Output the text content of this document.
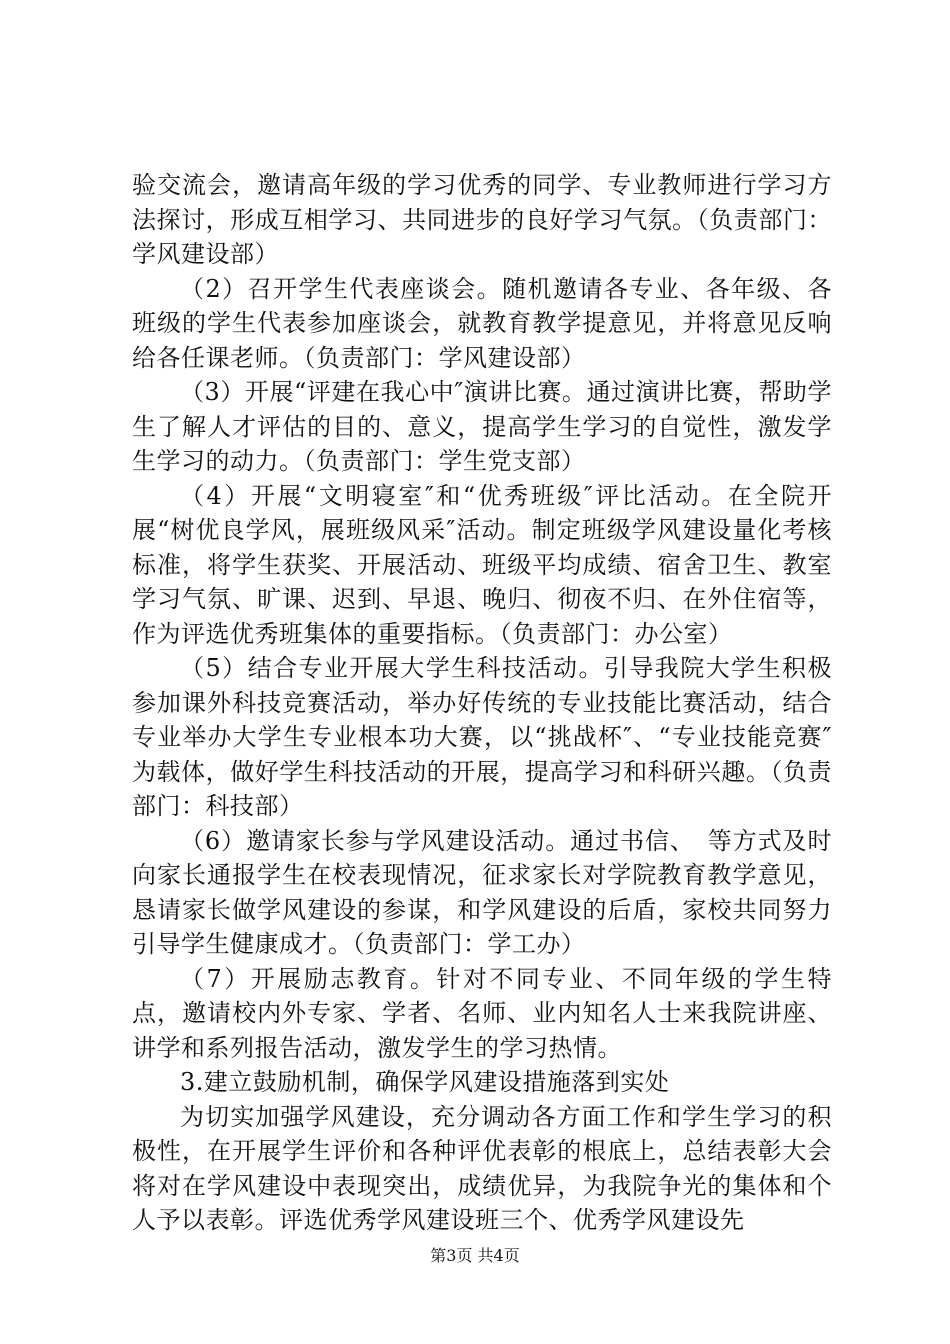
验交流会，邀请高年级的学习优秀的同学、专业教师进行学习方法探讨，形成互相学习、共同进步的良好学习气氛。（负责部门：学风建设部）

（2）召开学生代表座谈会。随机邀请各专业、各年级、各班级的学生代表参加座谈会，就教育教学提意见，并将意见反响给各任课老师。（负责部门：学风建设部）

（3）开展“评建在我心中″演讲比赛。通过演讲比赛，帮助学生了解人才评估的目的、意义，提高学生学习的自觉性，激发学生学习的动力。（负责部门：学生党支部）

（4）开展“文明寝室″和“优秀班级″评比活动。在全院开展“树优良学风，展班级风采″活动。制定班级学风建设量化考核标准，将学生获奖、开展活动、班级平均成绩、宿舍卫生、教室学习气氛、旷课、迟到、早退、晚归、彻夜不归、在外住宿等，作为评选优秀班集体的重要指标。（负责部门：办公室）

（5）结合专业开展大学生科技活动。引导我院大学生积极参加课外科技竞赛活动，举办好传统的专业技能比赛活动，结合专业举办大学生专业根本功大赛，以“挑战杯″、“专业技能竞赛″为载体，做好学生科技活动的开展，提高学习和科研兴趣。（负责部门：科技部）

（6）邀请家长参与学风建设活动。通过书信、　等方式及时向家长通报学生在校表现情况，征求家长对学院教育教学意见，恳请家长做学风建设的参谋，和学风建设的后盾，家校共同努力引导学生健康成才。（负责部门：学工办）

（7）开展励志教育。针对不同专业、不同年级的学生特点，邀请校内外专家、学者、名师、业内知名人士来我院讲座、讲学和系列报告活动，激发学生的学习热情。

3.建立鼓励机制，确保学风建设措施落到实处

为切实加强学风建设，充分调动各方面工作和学生学习的积极性，在开展学生评价和各种评优表彰的根底上，总结表彰大会将对在学风建设中表现突出，成绩优异，为我院争光的集体和个人予以表彰。评选优秀学风建设班三个、优秀学风建设先

第3页 共4页
